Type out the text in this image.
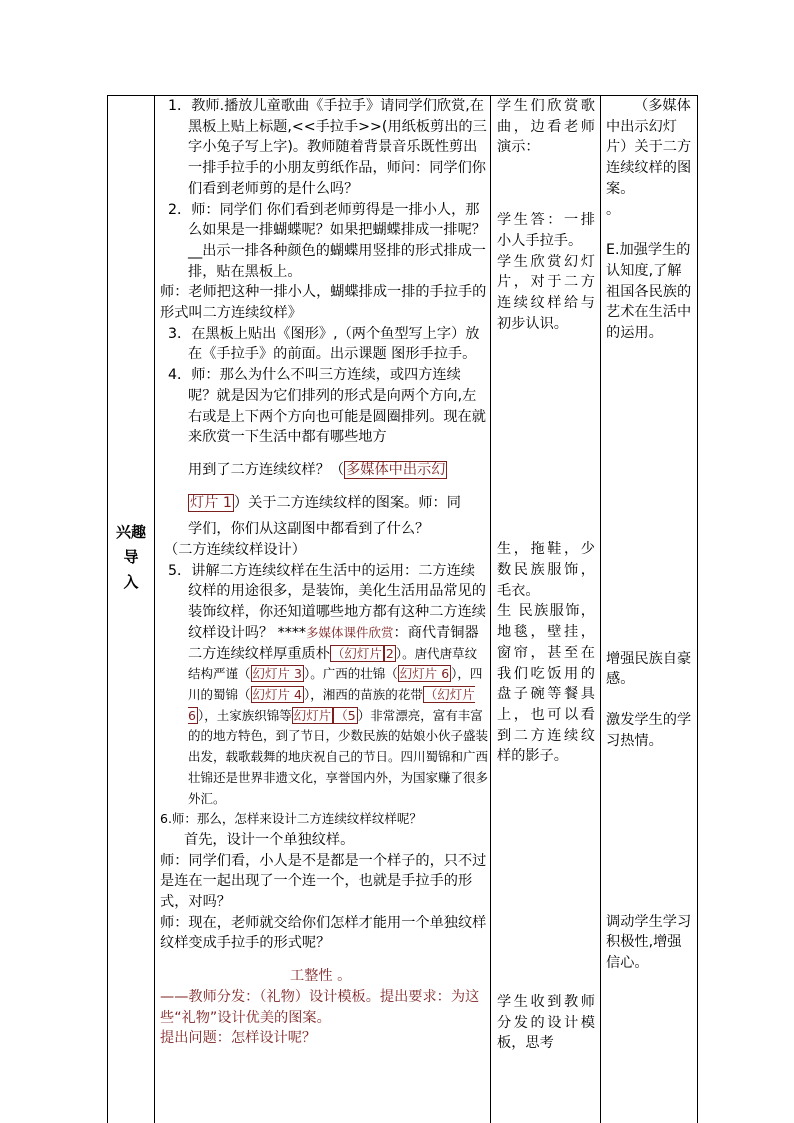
兴趣
导
入

1．教师.播放儿童歌曲《手拉手》请同学们欣赏,在黑板上贴上标题,<<手拉手>>(用纸板剪出的三字小兔子写上字)。教师随着背景音乐既性剪出一排手拉手的小朋友剪纸作品，师问：同学们你们看到老师剪的是什么吗？

2．师：同学们 你们看到老师剪得是一排小人，那么如果是一排蝴蝶呢？如果把蝴蝶排成一排呢？__出示一排各种颜色的蝴蝶用竖排的形式排成一排，贴在黑板上。

师：老师把这种一排小人，蝴蝶排成一排的手拉手的形式叫二方连续纹样》

3．在黑板上贴出《图形》,（两个鱼型写上字）放在《手拉手》的前面。出示课题 图形手拉手。

4．师：那么为什么不叫三方连续，或四方连续呢？就是因为它们排列的形式是向两个方向,左右或是上下两个方向也可能是圆圈排列。现在就来欣赏一下生活中都有哪些地方

用到了二方连续纹样？（ 多媒体中出示幻

灯片 1 ）关于二方连续纹样的图案。师：同

学们，你们从这副图中都看到了什么？

（二方连续纹样设计）

5．讲解二方连续纹样在生活中的运用：二方连续纹样的用途很多，是装饰，美化生活用品常见的装饰纹样，你还知道哪些地方都有这种二方连续纹样设计吗？ ****多媒体课件欣赏：商代青铜器二方连续纹样厚重质朴 （幻灯片 2 ）。唐代唐草纹结构严谨（ 幻灯片 3 ）。广西的壮锦（ 幻灯片 6 ），四川的蜀锦（ 幻灯片 4 ），湘西的苗族的花带 （幻灯片 6 ），土家族织锦等 幻灯片 （5 ）非常漂亮，富有丰富的的地方特色，到了节日，少数民族的姑娘小伙子盛装出发，载歌载舞的地庆祝自己的节日。四川蜀锦和广西壮锦还是世界非遗文化，享誉国内外，为国家赚了很多外汇。

6.师：那么，怎样来设计二方连续纹样纹样呢？

首先，设计一个单独纹样。

师：同学们看，小人是不是都是一个样子的，只不过是连在一起出现了一个连一个，也就是手拉手的形式，对吗？

师：现在，老师就交给你们怎样才能用一个单独纹样纹样变成手拉手的形式呢？

工整性 。

——教师分发：（礼物）设计模板。提出要求：为这些“礼物”设计优美的图案。

提出问题：怎样设计呢？

学生们欣赏歌曲，边看老师演示：

学生答：一排小人手拉手。

学生欣赏幻灯片，对于二方连续纹样给与初步认识。

生，拖鞋，少数民族服饰，毛衣。

生 民族服饰，地毯，壁挂，窗帘，甚至在我们吃饭用的盘子碗等餐具上，也可以看到二方连续纹样的影子。

学生收到教师分发的设计模板，思考

（多媒体中出示幻灯片）关于二方连续纹样的图案。

。

E.加强学生的认知度,了解祖国各民族的艺术在生活中的运用。

增强民族自豪感。

激发学生的学习热情。

调动学生学习积极性,增强信心。
